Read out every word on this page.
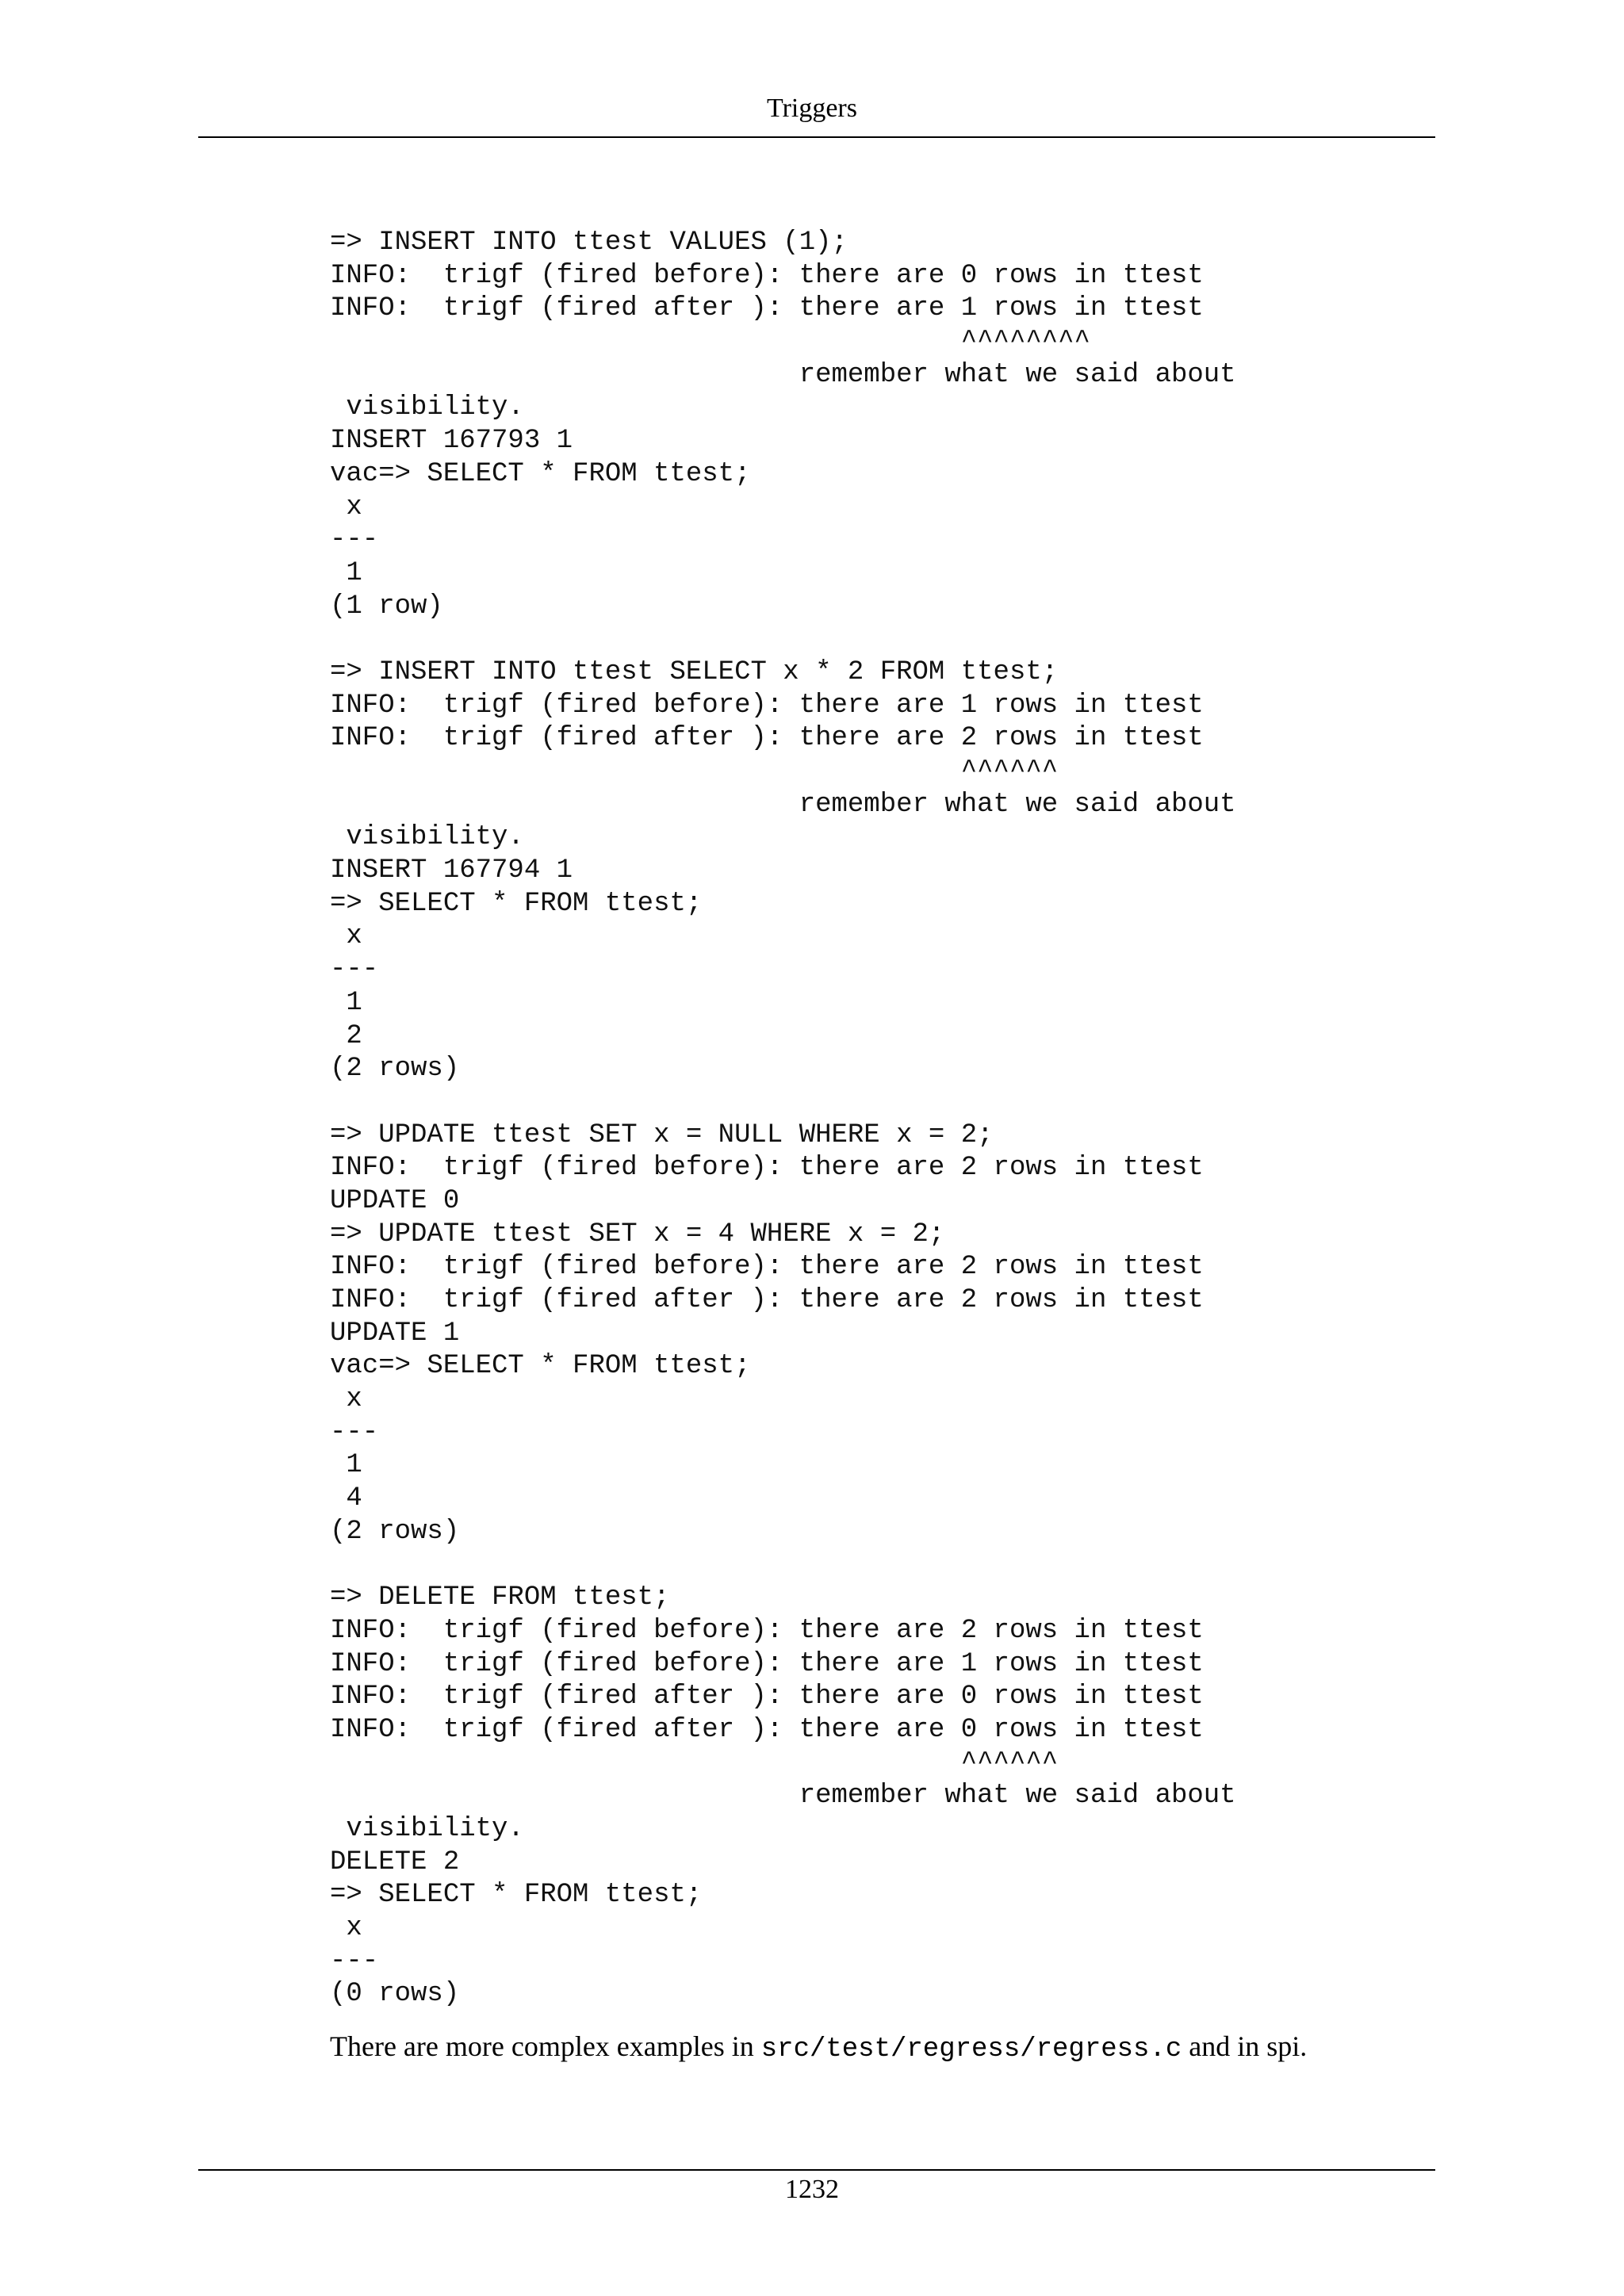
Triggers
=> INSERT INTO ttest VALUES (1);
INFO:  trigf (fired before): there are 0 rows in ttest
INFO:  trigf (fired after ): there are 1 rows in ttest
^^^^^^^^
remember what we said about
visibility.
INSERT 167793 1
vac=> SELECT * FROM ttest;
x
---
1
(1 row)
=> INSERT INTO ttest SELECT x * 2 FROM ttest;
INFO:  trigf (fired before): there are 1 rows in ttest
INFO:  trigf (fired after ): there are 2 rows in ttest
^^^^^^
remember what we said about
visibility.
INSERT 167794 1
=> SELECT * FROM ttest;
x
---
1
2
(2 rows)
=> UPDATE ttest SET x = NULL WHERE x = 2;
INFO:  trigf (fired before): there are 2 rows in ttest
UPDATE 0
=> UPDATE ttest SET x = 4 WHERE x = 2;
INFO:  trigf (fired before): there are 2 rows in ttest
INFO:  trigf (fired after ): there are 2 rows in ttest
UPDATE 1
vac=> SELECT * FROM ttest;
x
---
1
4
(2 rows)
=> DELETE FROM ttest;
INFO:  trigf (fired before): there are 2 rows in ttest
INFO:  trigf (fired before): there are 1 rows in ttest
INFO:  trigf (fired after ): there are 0 rows in ttest
INFO:  trigf (fired after ): there are 0 rows in ttest
^^^^^^
remember what we said about
visibility.
DELETE 2
=> SELECT * FROM ttest;
x
---
(0 rows)
There are more complex examples in src/test/regress/regress.c and in spi.
1232
